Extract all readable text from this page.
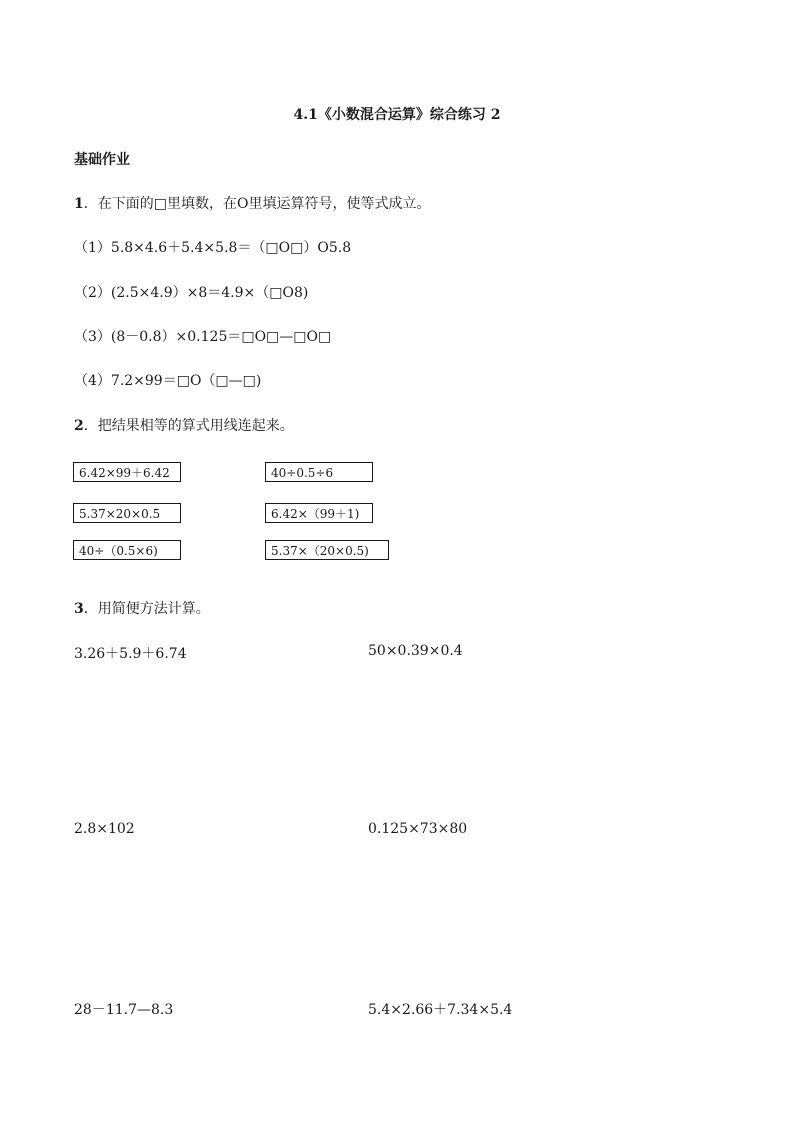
4.1《小数混合运算》综合练习 2
基础作业
1．在下面的□里填数，在O里填运算符号，使等式成立。
（1）5.8×4.6＋5.4×5.8＝（□O□）O5.8
（2）(2.5×4.9）×8＝4.9×（□O8)
（3）(8－0.8）×0.125＝□O□—□O□
（4）7.2×99＝□O（□—□)
2．把结果相等的算式用线连起来。
6.42×99＋6.42
5.37×20×0.5
40÷（0.5×6)
40÷0.5÷6
6.42×（99＋1)
5.37×（20×0.5)
3．用简便方法计算。
3.26＋5.9＋6.74	50×0.39×0.4
2.8×102	0.125×73×80
28－11.7—8.3	5.4×2.66＋7.34×5.4
